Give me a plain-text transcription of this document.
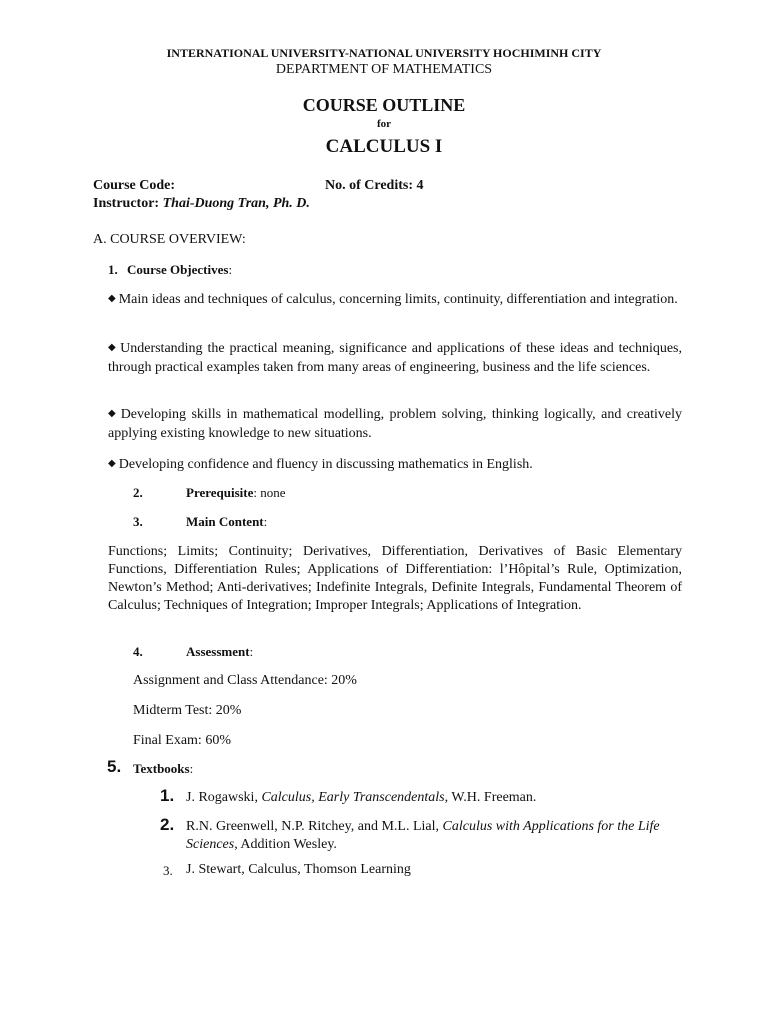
INTERNATIONAL UNIVERSITY-NATIONAL UNIVERSITY HOCHIMINH CITY
DEPARTMENT OF MATHEMATICS
COURSE OUTLINE
for
CALCULUS I
Course Code:	No. of Credits: 4
Instructor: Thai-Duong Tran, Ph. D.
A. COURSE OVERVIEW:
1. Course Objectives:
◆ Main ideas and techniques of calculus, concerning limits, continuity, differentiation and integration.
◆ Understanding the practical meaning, significance and applications of these ideas and techniques, through practical examples taken from many areas of engineering, business and the life sciences.
◆ Developing skills in mathematical modelling, problem solving, thinking logically, and creatively applying existing knowledge to new situations.
◆ Developing confidence and fluency in discussing mathematics in English.
2.	Prerequisite: none
3.	Main Content:
Functions; Limits; Continuity; Derivatives, Differentiation, Derivatives of Basic Elementary Functions, Differentiation Rules; Applications of Differentiation: l’Hôpital’s Rule, Optimization, Newton’s Method; Anti-derivatives; Indefinite Integrals, Definite Integrals, Fundamental Theorem of Calculus; Techniques of Integration; Improper Integrals; Applications of Integration.
4.	Assessment:
Assignment and Class Attendance: 20%
Midterm Test: 20%
Final Exam: 60%
5. Textbooks:
1. J. Rogawski, Calculus, Early Transcendentals, W.H. Freeman.
2. R.N. Greenwell, N.P. Ritchey, and M.L. Lial, Calculus with Applications for the Life Sciences, Addition Wesley.
3. J. Stewart, Calculus, Thomson Learning
